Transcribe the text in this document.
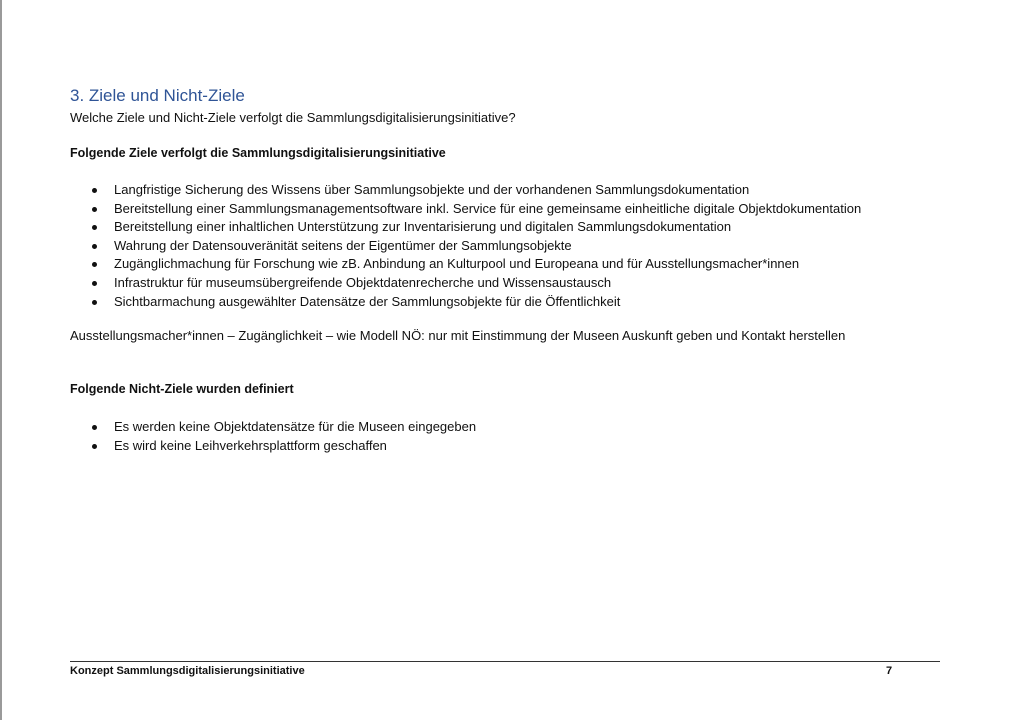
3. Ziele und Nicht-Ziele
Welche Ziele und Nicht-Ziele verfolgt die Sammlungsdigitalisierungsinitiative?
Folgende Ziele verfolgt die Sammlungsdigitalisierungsinitiative
Langfristige Sicherung des Wissens über Sammlungsobjekte und der vorhandenen Sammlungsdokumentation
Bereitstellung einer Sammlungsmanagementsoftware inkl. Service für eine gemeinsame einheitliche digitale Objektdokumentation
Bereitstellung einer inhaltlichen Unterstützung zur Inventarisierung und digitalen Sammlungsdokumentation
Wahrung der Datensouveränität seitens der Eigentümer der Sammlungsobjekte
Zugänglichmachung für Forschung wie zB. Anbindung an Kulturpool und Europeana und für Ausstellungsmacher*innen
Infrastruktur für museumsübergreifende Objektdatenrecherche und Wissensaustausch
Sichtbarmachung ausgewählter Datensätze der Sammlungsobjekte für die Öffentlichkeit
Ausstellungsmacher*innen – Zugänglichkeit – wie Modell NÖ: nur mit Einstimmung der Museen Auskunft geben und Kontakt herstellen
Folgende Nicht-Ziele wurden definiert
Es werden keine Objektdatensätze für die Museen eingegeben
Es wird keine Leihverkehrsplattform geschaffen
Konzept Sammlungsdigitalisierungsinitiative	7
